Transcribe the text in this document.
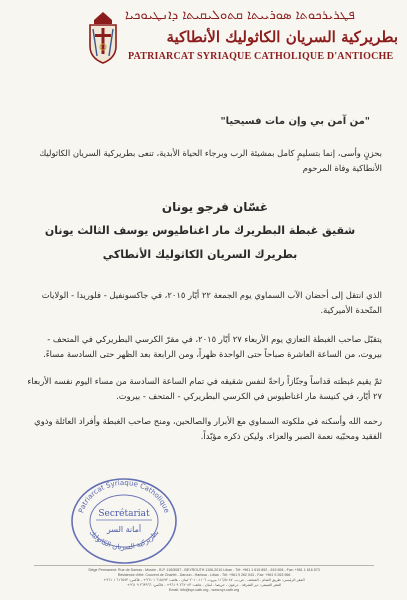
ܦܛܪܝܪܟܘܬܐ ܣܘܪܝܝܬܐ ܩܬܘܠܝܩܝܬܐ ܕܐܢܛܝܘܟܝܐ
بطريركية السريان الكاثوليك الأنطاكية
PATRIARCAT SYRIAQUE CATHOLIQUE D'ANTIOCHE
"من آمن بي وإن مات فسيحيا"
بحزنٍ وأسى، إنما بتسليمٍ كامل بمشيئة الرب وبرجاء الحياة الأبدية، تنعى بطريركية السريان الكاثوليك الأنطاكية وفاة المرحوم
غسّان فرجو يونان
شقيق غبطة البطريرك مار اغناطيوس يوسف الثالث يونان
بطريرك السريان الكاثوليك الأنطاكي
الذي انتقل إلى أحضان الآب السماوي يوم الجمعة ٢٢ أيّار ٢٠١٥، في جاكسونفيل - فلوريدا - الولايات المتّحدة الأميركية.
يتقبّل صاحب الغبطة التعازي يوم الأربعاء ٢٧ أيّار ٢٠١٥، في مقرّ الكرسي البطريركي في المتحف - بيروت، من الساعة العاشرة صباحاً حتى الواحدة ظهراً، ومن الرابعة بعد الظهر حتى السادسة مساءً.
ثمّ يقيم غبطته قداساً وجنّازاً راحةً لنفس شقيقه في تمام الساعة السادسة من مساء اليوم نفسه الأربعاء ٢٧ أيّار، في كنيسة مار اغناطيوس في الكرسي البطريركي - المتحف - بيروت.
رحمه الله وأسكنه في ملكوته السماوي مع الأبرار والصالحين، ومنح صاحب الغبطة وأفراد العائلة وذوي الفقيد ومحبّيه نعمة الصبر والعزاء. وليكن ذكره مؤبّداً.
Patriarcat Syriaque Catholique
بطريركية السريان الكاثوليك
Secrétariat
أمانة السر
Siège Permanent: Rue de Damas - Musée - B.P. 116/5087 - BEYROUTH 1106-2010 Liban - Tél: +961 1 615 892 - 615 894 - Fax: +961 1 616 573
Résidence d'été: Couvent de Charfet - Daroun - Harissa - Liban - Tél: +961 9 262 043 - Fax: +961 9 263 966
المقر الرئيسي: طريق الشام - المتحف - ص.ب. ١١٦/٥٠٨٧ بيروت ١١٠٦-٢٠١٠ لبنان - هاتف: ٦١٥٨٩٢ ١ ٩٦١+ - فاكس: ٦١٦٥٧٣ ١ ٩٦١+
المقر الصيفي: دير الشرفة - درعون - حريصا - لبنان - هاتف: ٢٦٢٠٤٣ ٩ ٩٦١+ - فاكس: ٢٦٣٩٦٦ ٩ ٩٦١+
Email: info@syr-cath.org - www.syr-cath.org
